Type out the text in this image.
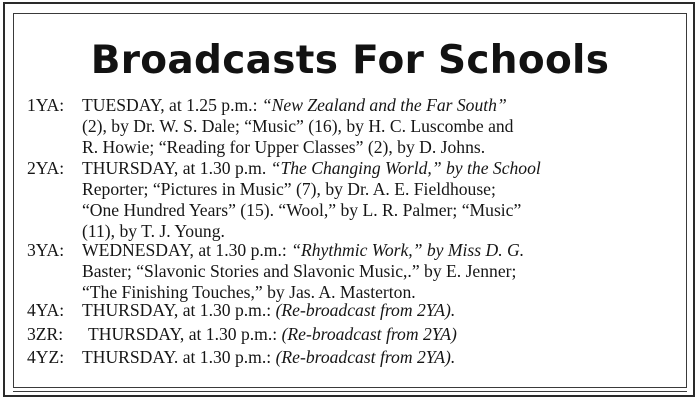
Broadcasts For Schools
1YA: TUESDAY, at 1.25 p.m.: “New Zealand and the Far South”
(2), by Dr. W. S. Dale; “Music” (16), by H. C. Luscombe and
R. Howie; “Reading for Upper Classes” (2), by D. Johns.
2YA: THURSDAY, at 1.30 p.m. “The Changing World,” by the School
Reporter; “Pictures in Music” (7), by Dr. A. E. Fieldhouse;
“One Hundred Years” (15). “Wool,” by L. R. Palmer; “Music”
(11), by T. J. Young.
3YA: WEDNESDAY, at 1.30 p.m.: “Rhythmic Work,” by Miss D. G.
Baster; “Slavonic Stories and Slavonic Music,.” by E. Jenner;
“The Finishing Touches,” by Jas. A. Masterton.
4YA: THURSDAY, at 1.30 p.m.: (Re-broadcast from 2YA).
3ZR: THURSDAY, at 1.30 p.m.: (Re-broadcast from 2YA)
4YZ: THURSDAY. at 1.30 p.m.: (Re-broadcast from 2YA).
